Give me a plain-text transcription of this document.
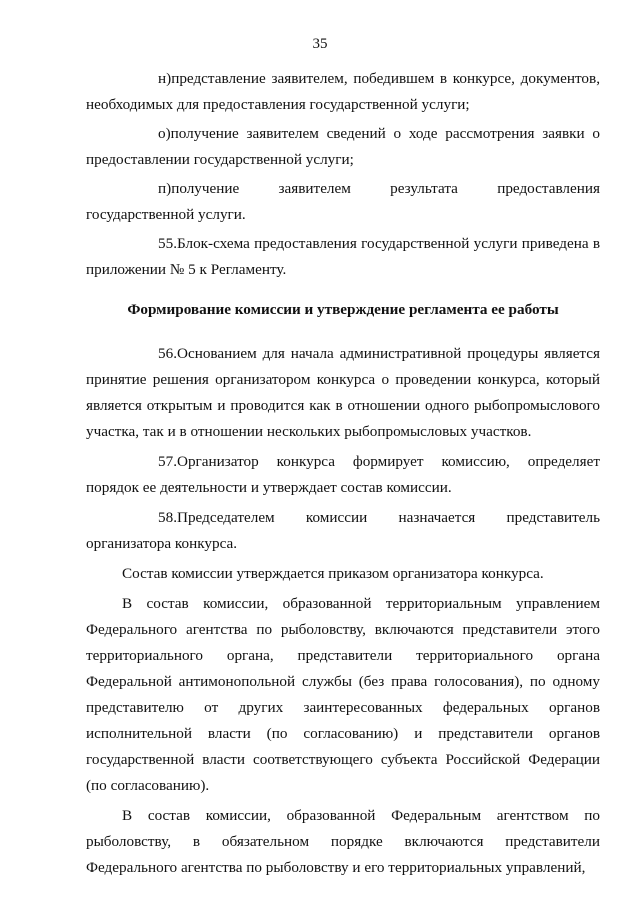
35

н)представление заявителем, победившем в конкурсе, документов, необходимых для предоставления государственной услуги;

о)получение заявителем сведений о ходе рассмотрения заявки о предоставлении государственной услуги;

п)получение заявителем результата предоставления государственной услуги.

55.Блок-схема предоставления государственной услуги приведена в приложении № 5 к Регламенту.

Формирование комиссии и утверждение регламента ее работы

56.Основанием для начала административной процедуры является принятие решения организатором конкурса о проведении конкурса, который является открытым и проводится как в отношении одного рыбопромыслового участка, так и в отношении нескольких рыбопромысловых участков.

57.Организатор конкурса формирует комиссию, определяет порядок ее деятельности и утверждает состав комиссии.

58.Председателем комиссии назначается представитель организатора конкурса.

Состав комиссии утверждается приказом организатора конкурса.

В состав комиссии, образованной территориальным управлением Федерального агентства по рыболовству, включаются представители этого территориального органа, представители территориального органа Федеральной антимонопольной службы (без права голосования), по одному представителю от других заинтересованных федеральных органов исполнительной власти (по согласованию) и представители органов государственной власти соответствующего субъекта Российской Федерации (по согласованию).

В состав комиссии, образованной Федеральным агентством по рыболовству, в обязательном порядке включаются представители Федерального агентства по рыболовству и его территориальных управлений,
